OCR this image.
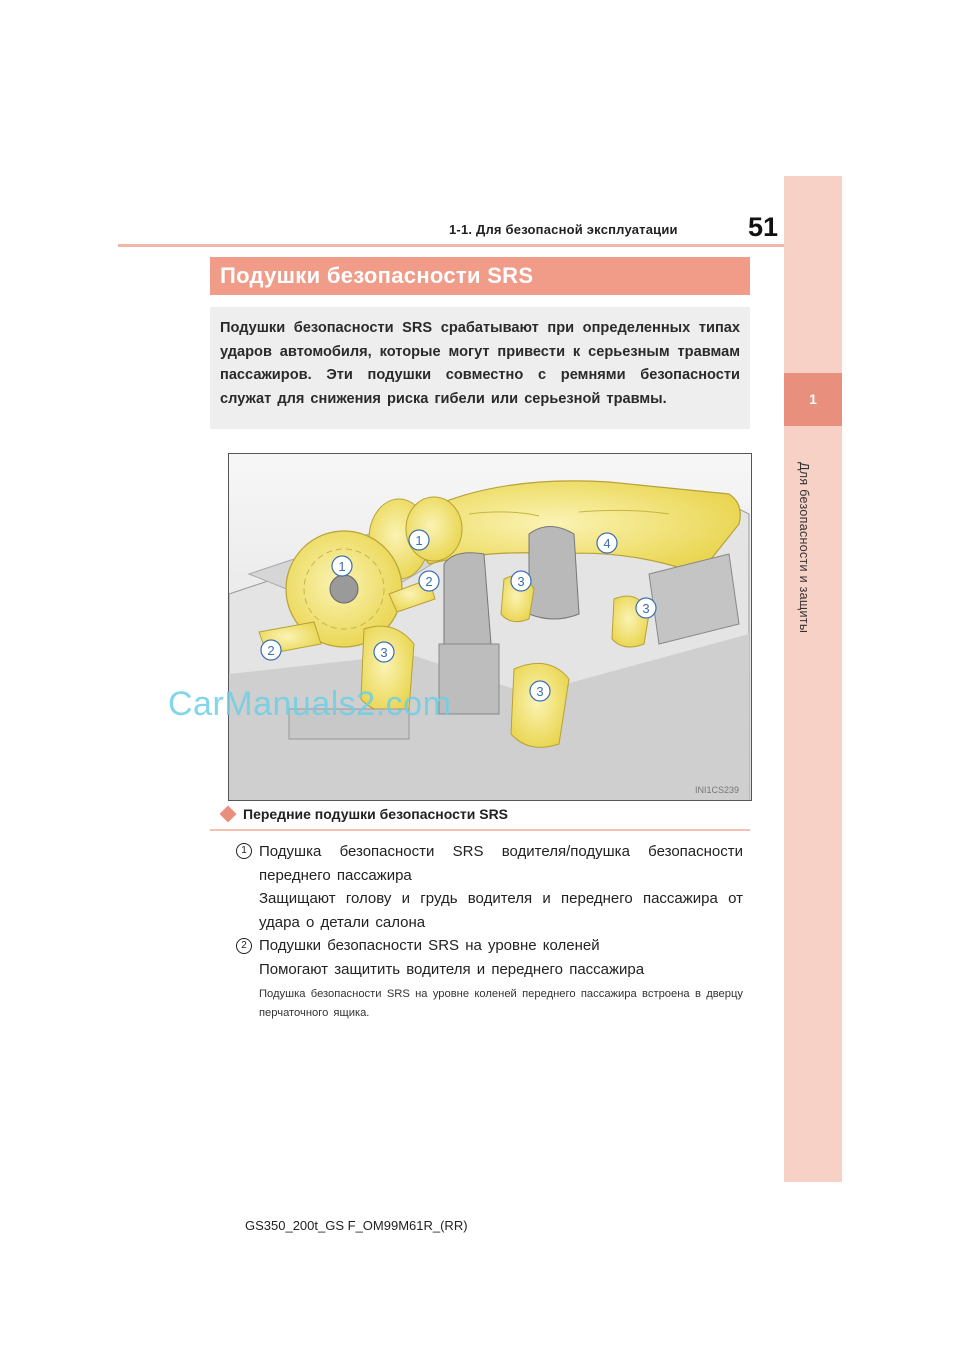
1-1. Для безопасной эксплуатации	51
1
Для безопасности и защиты
Подушки безопасности SRS

Подушки безопасности SRS срабатывают при определенных типах ударов автомобиля, которые могут привести к серьезным травмам пассажиров. Эти подушки совместно с ремнями безопасности служат для снижения риска гибели или серьезной травмы.

1
1
2
2
3
3
3
3
4
INI1CS239
CarManuals2.com
Передние подушки безопасности SRS
1 Подушка безопасности SRS водителя/подушка безопасности переднего пассажира
Защищают голову и грудь водителя и переднего пассажира от удара о детали салона
2 Подушки безопасности SRS на уровне коленей
Помогают защитить водителя и переднего пассажира
Подушка безопасности SRS на уровне коленей переднего пассажира встроена в дверцу перчаточного ящика.
GS350_200t_GS F_OM99M61R_(RR)
